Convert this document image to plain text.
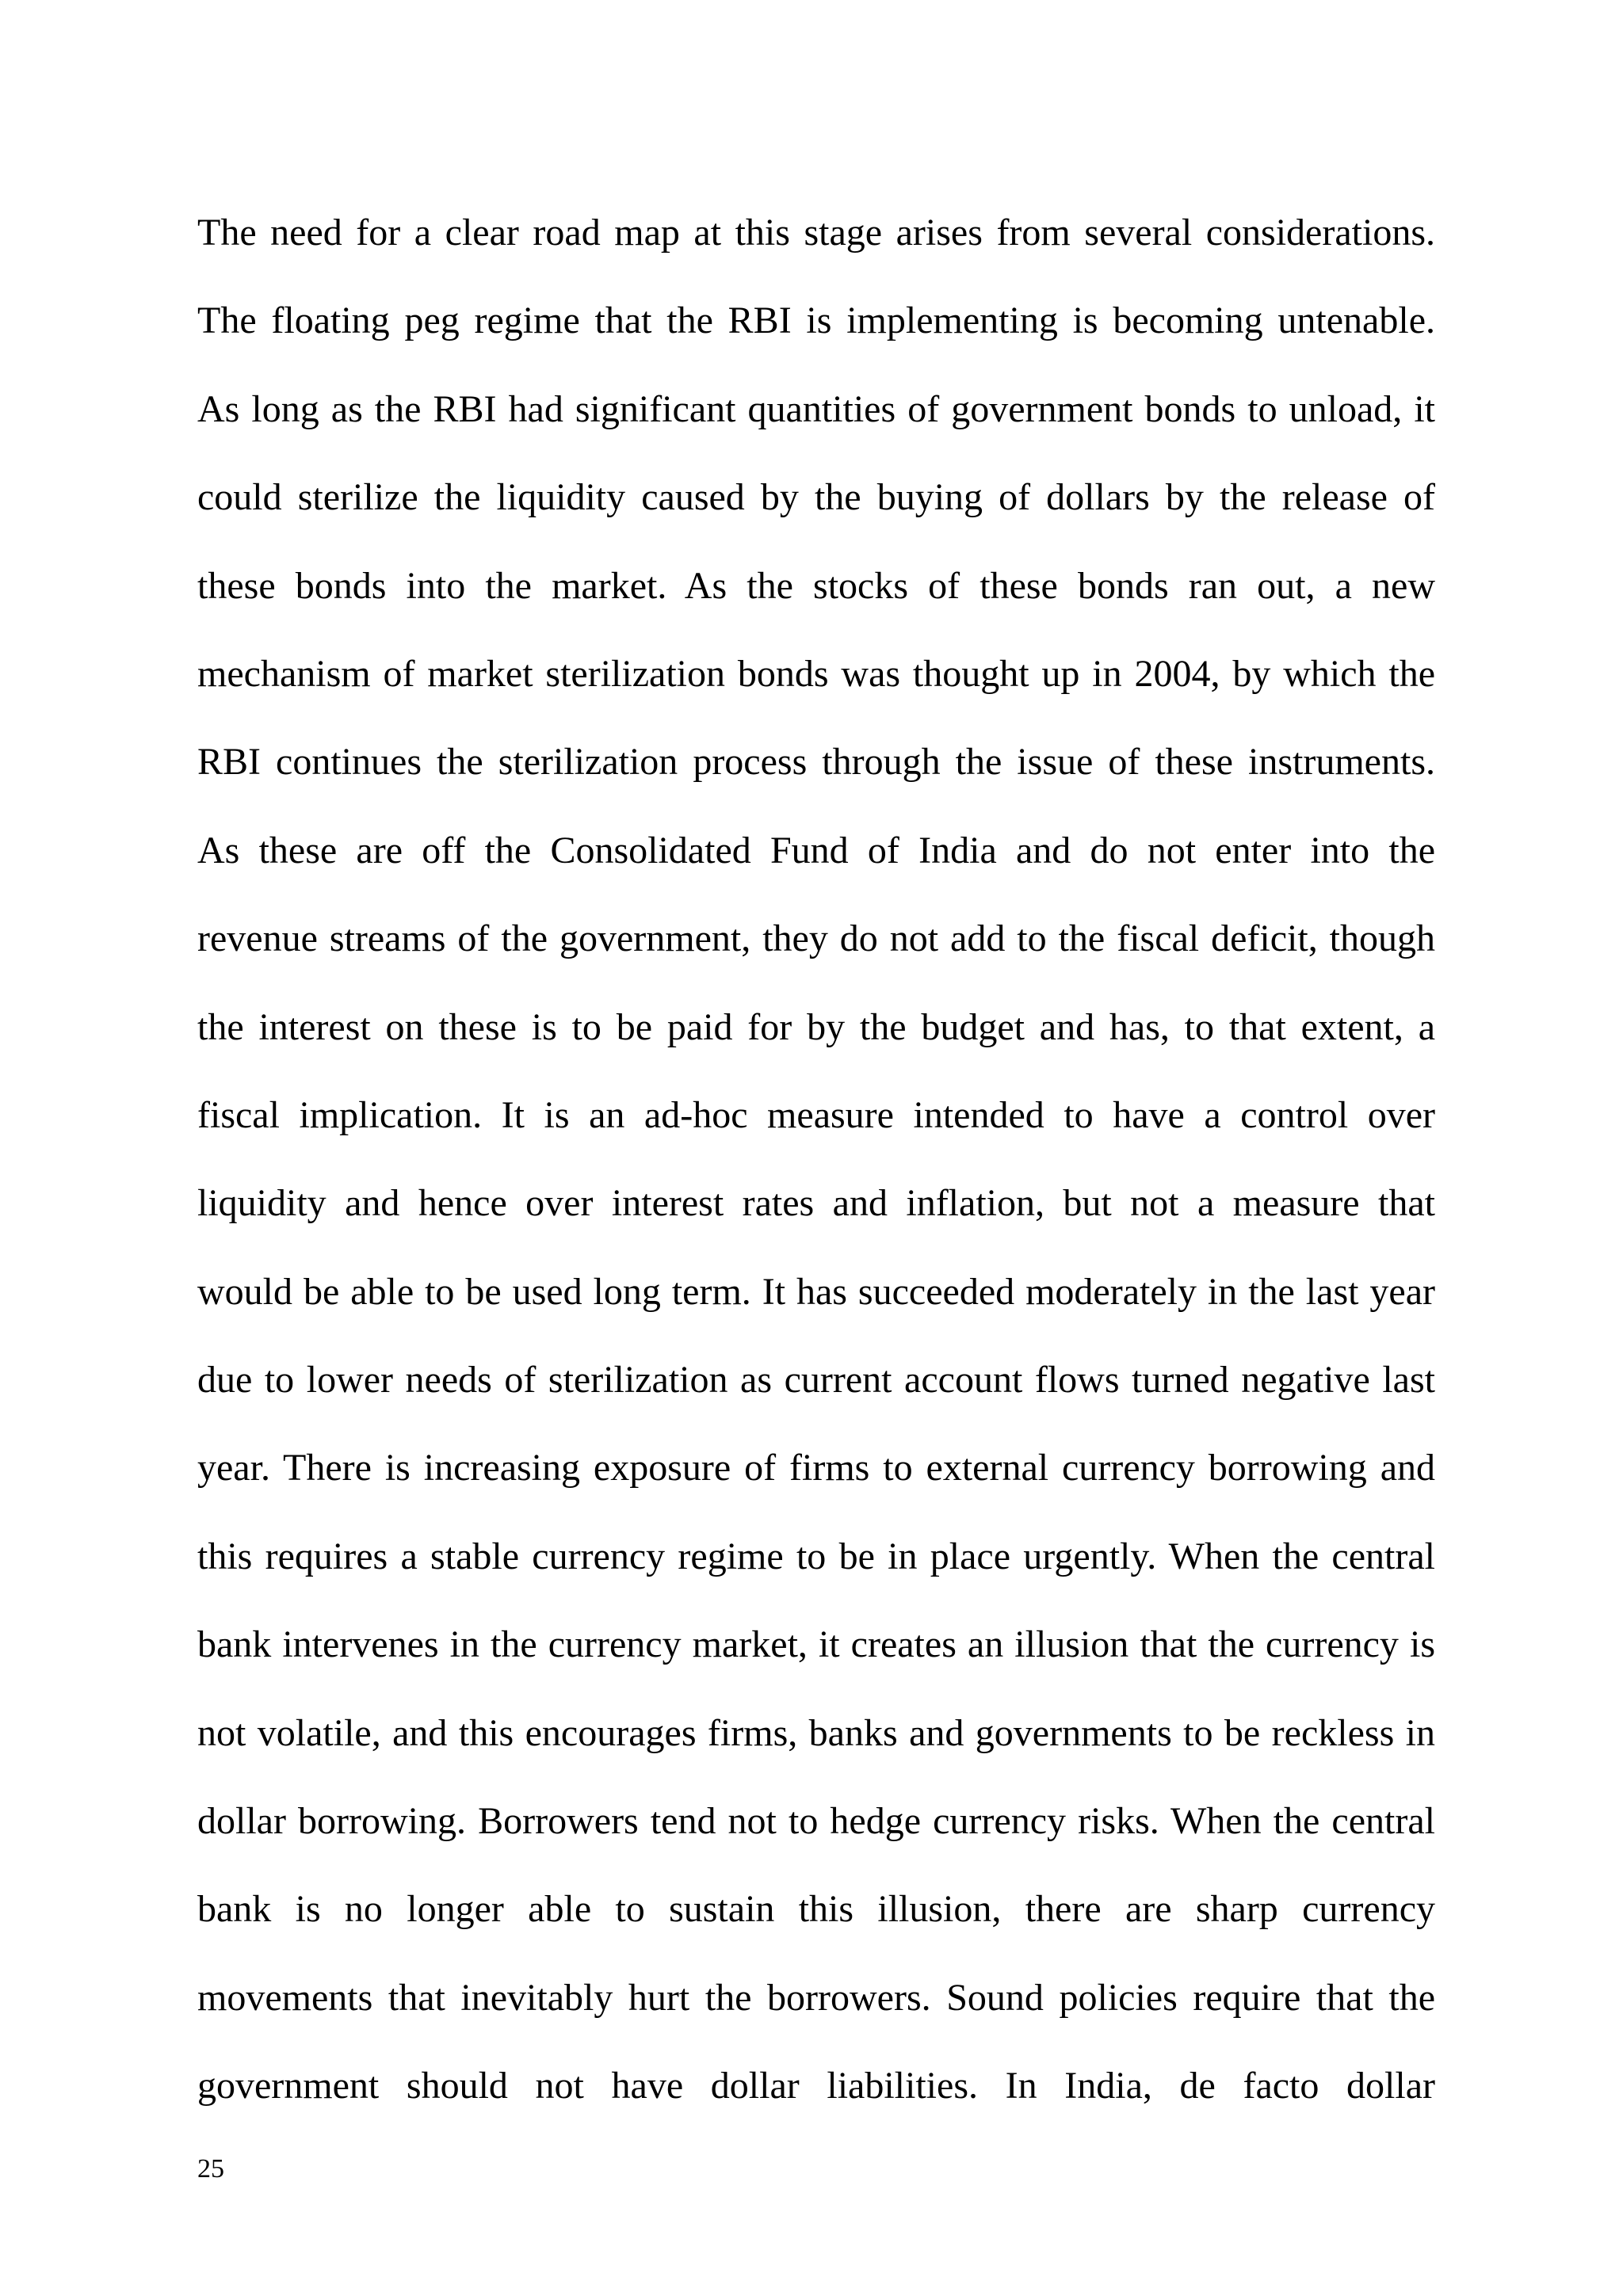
The need for a clear road map at this stage arises from several considerations.
The floating peg regime that the RBI is implementing is becoming untenable.
As long as the RBI had significant quantities of government bonds to unload, it
could sterilize the liquidity caused by the buying of dollars by the release of
these bonds into the market. As the stocks of these bonds ran out, a new
mechanism of market sterilization bonds was thought up in 2004, by which the
RBI continues the sterilization process through the issue of these instruments.
As these are off the Consolidated Fund of India and do not enter into the
revenue streams of the government, they do not add to the fiscal deficit, though
the interest on these is to be paid for by the budget and has, to that extent, a
fiscal implication. It is an ad-hoc measure intended to have a control over
liquidity and hence over interest rates and inflation, but not a measure that
would be able to be used long term. It has succeeded moderately in the last year
due to lower needs of sterilization as current account flows turned negative last
year. There is increasing exposure of firms to external currency borrowing and
this requires a stable currency regime to be in place urgently. When the central
bank intervenes in the currency market, it creates an illusion that the currency is
not volatile, and this encourages firms, banks and governments to be reckless in
dollar borrowing. Borrowers tend not to hedge currency risks. When the central
bank is no longer able to sustain this illusion, there are sharp currency
movements that inevitably hurt the borrowers. Sound policies require that the
government should not have dollar liabilities. In India, de facto dollar
25
